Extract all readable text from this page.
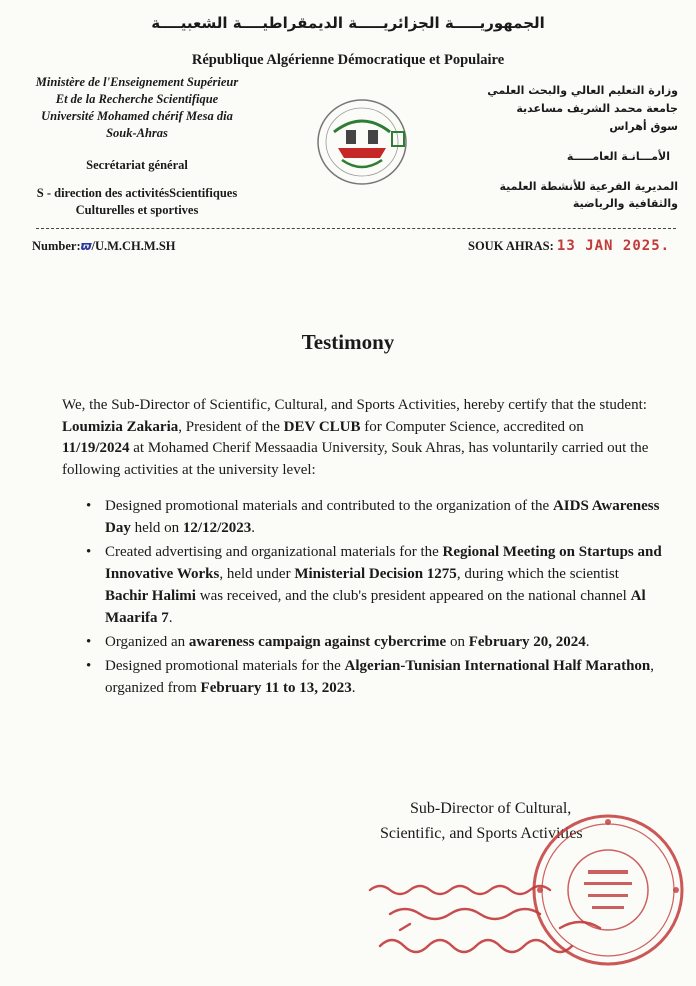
الجمهوريـــــة الجزائريـــــة الديمقراطيــــة الشعبيــــة
République Algérienne Démocratique et Populaire
Ministère de l'Enseignement Supérieur
Et de la Recherche Scientifique
Université Mohamed chérif Mesa dia
Souk-Ahras
Secrétariat général
S - direction des activitésScientifiques
Culturelles et sportives
وزارة التعليم العالي والبحث العلمي
جامعة محمد الشريف مساعدية
سوق أهراس
الأمـــانـة العامـــــة
المديرية الفرعية للأنشطة العلمية
والثقافية والرياضية
Number:ϖ/U.M.CH.M.SH	SOUK AHRAS: 13 JAN 2025.
Testimony
We, the Sub-Director of Scientific, Cultural, and Sports Activities, hereby certify that the student: Loumizia Zakaria, President of the DEV CLUB for Computer Science, accredited on 11/19/2024 at Mohamed Cherif Messaadia University, Souk Ahras, has voluntarily carried out the following activities at the university level:
• Designed promotional materials and contributed to the organization of the AIDS Awareness Day held on 12/12/2023.
• Created advertising and organizational materials for the Regional Meeting on Startups and Innovative Works, held under Ministerial Decision 1275, during which the scientist Bachir Halimi was received, and the club's president appeared on the national channel Al Maarifa 7.
• Organized an awareness campaign against cybercrime on February 20, 2024.
• Designed promotional materials for the Algerian-Tunisian International Half Marathon, organized from February 11 to 13, 2023.
Sub-Director of Cultural,
Scientific, and Sports Activities
